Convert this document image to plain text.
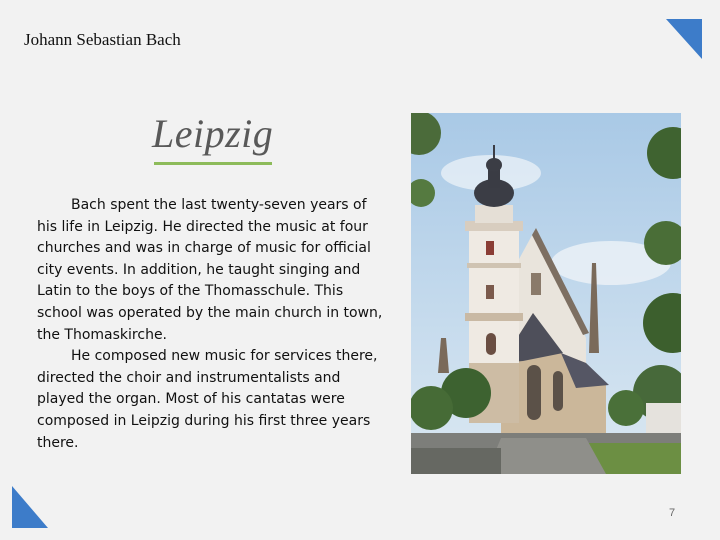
Johann Sebastian Bach
Leipzig

Bach spent the last twenty-seven years of his life in Leipzig. He directed the music at four churches and was in charge of music for official city events. In addition, he taught singing and Latin to the boys of the Thomasschule. This school was operated by the main church in town, the Thomaskirche.

He composed new music for services there, directed the choir and instrumentalists and played the organ. Most of his cantatas were composed in Leipzig during his first three years there.

7
